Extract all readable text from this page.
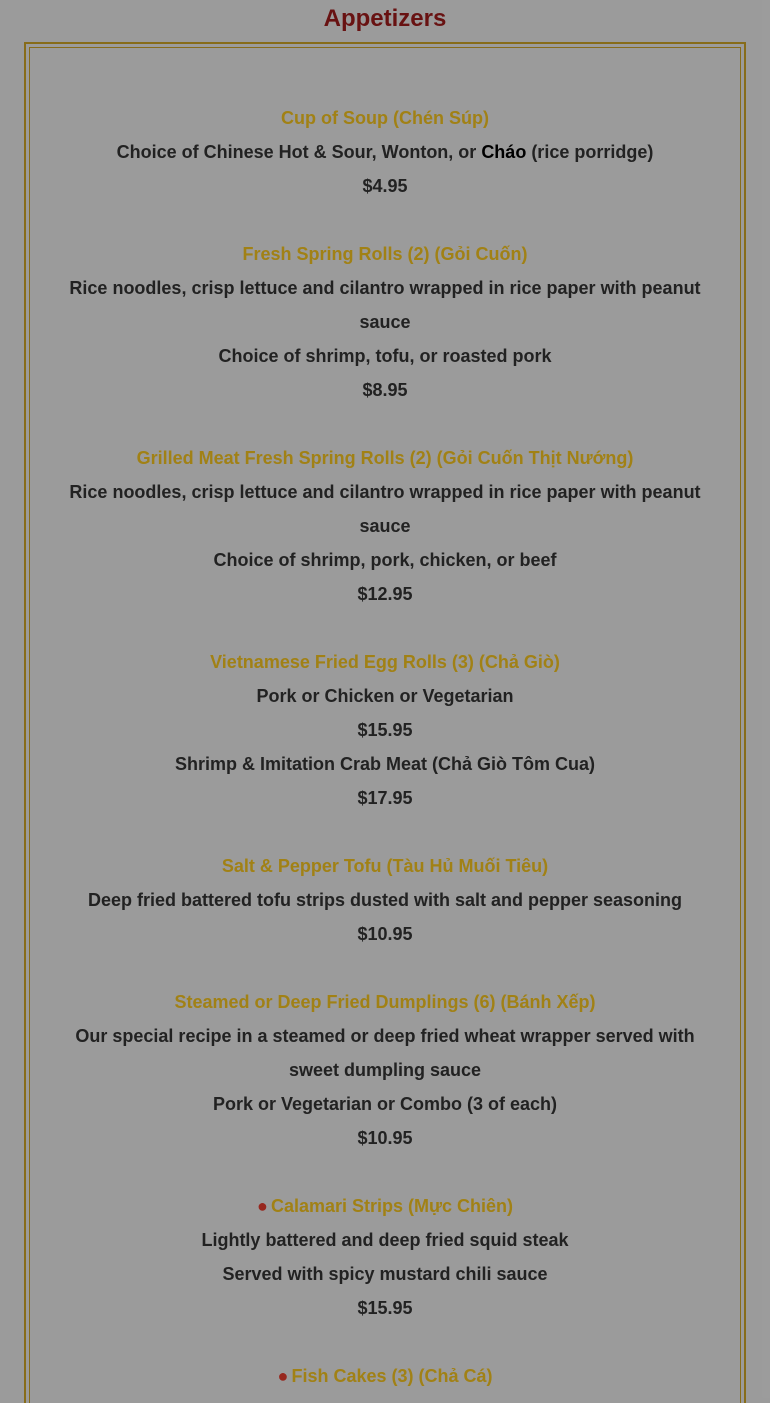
Appetizers

Cup of Soup (Chén Súp)

Choice of Chinese Hot & Sour, Wonton, or Cháo (rice porridge)

$4.95

Fresh Spring Rolls (2) (Gỏi Cuốn)

Rice noodles, crisp lettuce and cilantro wrapped in rice paper with peanut sauce

Choice of shrimp, tofu, or roasted pork

$8.95

Grilled Meat Fresh Spring Rolls (2) (Gỏi Cuốn Thịt Nướng)

Rice noodles, crisp lettuce and cilantro wrapped in rice paper with peanut sauce

Choice of shrimp, pork, chicken, or beef

$12.95

Vietnamese Fried Egg Rolls (3) (Chả Giò)

Pork or Chicken or Vegetarian

$15.95

Shrimp & Imitation Crab Meat (Chả Giò Tôm Cua)

$17.95

Salt & Pepper Tofu (Tàu Hủ Muối Tiêu)

Deep fried battered tofu strips dusted with salt and pepper seasoning

$10.95

Steamed or Deep Fried Dumplings (6) (Bánh Xếp)

Our special recipe in a steamed or deep fried wheat wrapper served with sweet dumpling sauce

Pork or Vegetarian or Combo (3 of each)

$10.95

● Calamari Strips (Mực Chiên)

Lightly battered and deep fried squid steak

Served with spicy mustard chili sauce

$15.95

● Fish Cakes (3) (Chả Cá)
